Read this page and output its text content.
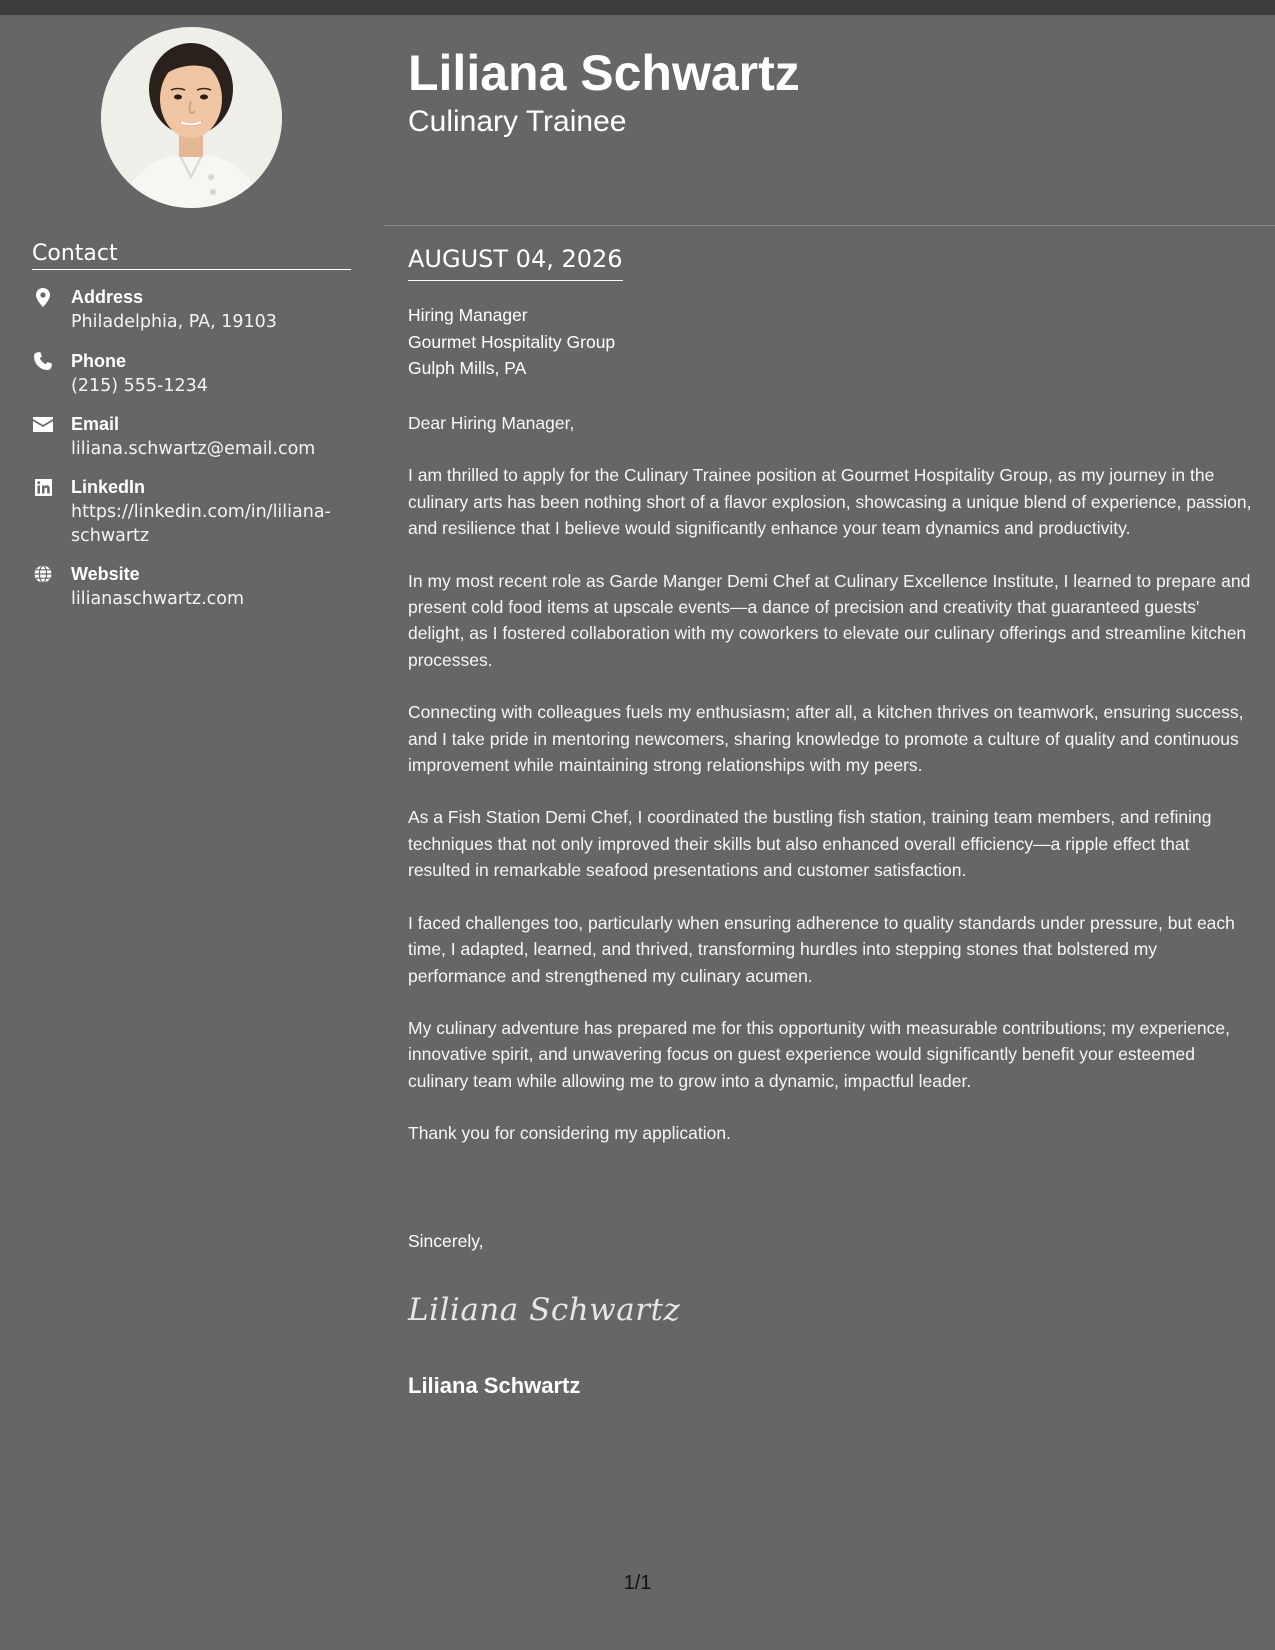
Contact
Address
Philadelphia, PA, 19103
Phone
(215) 555-1234
Email
liliana.schwartz@email.com
LinkedIn
https://linkedin.com/in/liliana-schwartz
Website
lilianaschwartz.com
Liliana Schwartz
Culinary Trainee
AUGUST 04, 2026
Hiring Manager
Gourmet Hospitality Group
Gulph Mills, PA

Dear Hiring Manager,

I am thrilled to apply for the Culinary Trainee position at Gourmet Hospitality Group, as my journey in the culinary arts has been nothing short of a flavor explosion, showcasing a unique blend of experience, passion, and resilience that I believe would significantly enhance your team dynamics and productivity.

In my most recent role as Garde Manger Demi Chef at Culinary Excellence Institute, I learned to prepare and present cold food items at upscale events—a dance of precision and creativity that guaranteed guests' delight, as I fostered collaboration with my coworkers to elevate our culinary offerings and streamline kitchen processes.

Connecting with colleagues fuels my enthusiasm; after all, a kitchen thrives on teamwork, ensuring success, and I take pride in mentoring newcomers, sharing knowledge to promote a culture of quality and continuous improvement while maintaining strong relationships with my peers.

As a Fish Station Demi Chef, I coordinated the bustling fish station, training team members, and refining techniques that not only improved their skills but also enhanced overall efficiency—a ripple effect that resulted in remarkable seafood presentations and customer satisfaction.

I faced challenges too, particularly when ensuring adherence to quality standards under pressure, but each time, I adapted, learned, and thrived, transforming hurdles into stepping stones that bolstered my performance and strengthened my culinary acumen.

My culinary adventure has prepared me for this opportunity with measurable contributions; my experience, innovative spirit, and unwavering focus on guest experience would significantly benefit your esteemed culinary team while allowing me to grow into a dynamic, impactful leader.

Thank you for considering my application.

Sincerely,
Liliana Schwartz
Liliana Schwartz
1/1
